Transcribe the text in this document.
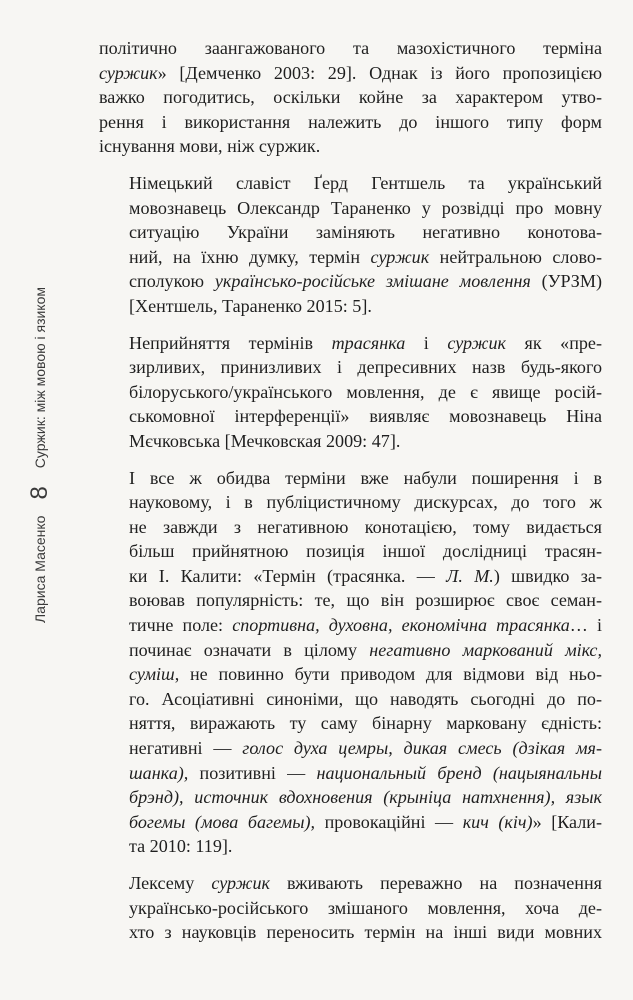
Лариса Масенко
8
Суржик: між мовою і язиком

політично заангажованого та мазохістичного терміна
суржик» [Демченко 2003: 29]. Однак із його пропозицією
важко погодитись, оскільки койне за характером утво-
рення і використання належить до іншого типу форм
існування мови, ніж суржик.

Німецький славіст Ґерд Гентшель та український
мовознавець Олександр Тараненко у розвідці про мовну
ситуацію України заміняють негативно конотова-
ний, на їхню думку, термін суржик нейтральною слово-
сполукою українсько-російське змішане мовлення (УРЗМ)
[Хентшель, Тараненко 2015: 5].

Неприйняття термінів трасянка і суржик як «пре-
зирливих, принизливих і депресивних назв будь-якого
білоруського/українського мовлення, де є явище росій-
ськомовної інтерференції» виявляє мовознавець Ніна
Мєчковська [Мечковская 2009: 47].

І все ж обидва терміни вже набули поширення і в
науковому, і в публіцистичному дискурсах, до того ж
не завжди з негативною конотацією, тому видається
більш прийнятною позиція іншої дослідниці трасян-
ки І. Калити: «Термін (трасянка. — Л. М.) швидко за-
воював популярність: те, що він розширює своє семан-
тичне поле: спортивна, духовна, економічна трасянка… і
починає означати в цілому негативно маркований мікс,
суміш, не повинно бути приводом для відмови від ньо-
го. Асоціативні синоніми, що наводять сьогодні до по-
няття, виражають ту саму бінарну марковану єдність:
негативні — голос духа цемры, дикая смесь (дзікая мя-
шанка), позитивні — национальный бренд (нацыянальны
брэнд), источник вдохновения (крыніца натхнення), язык
богемы (мова багемы), провокаційні — кич (кіч)» [Кали-
та 2010: 119].

Лексему суржик вживають переважно на позначення
українсько-російського змішаного мовлення, хоча де-
хто з науковців переносить термін на інші види мовних
